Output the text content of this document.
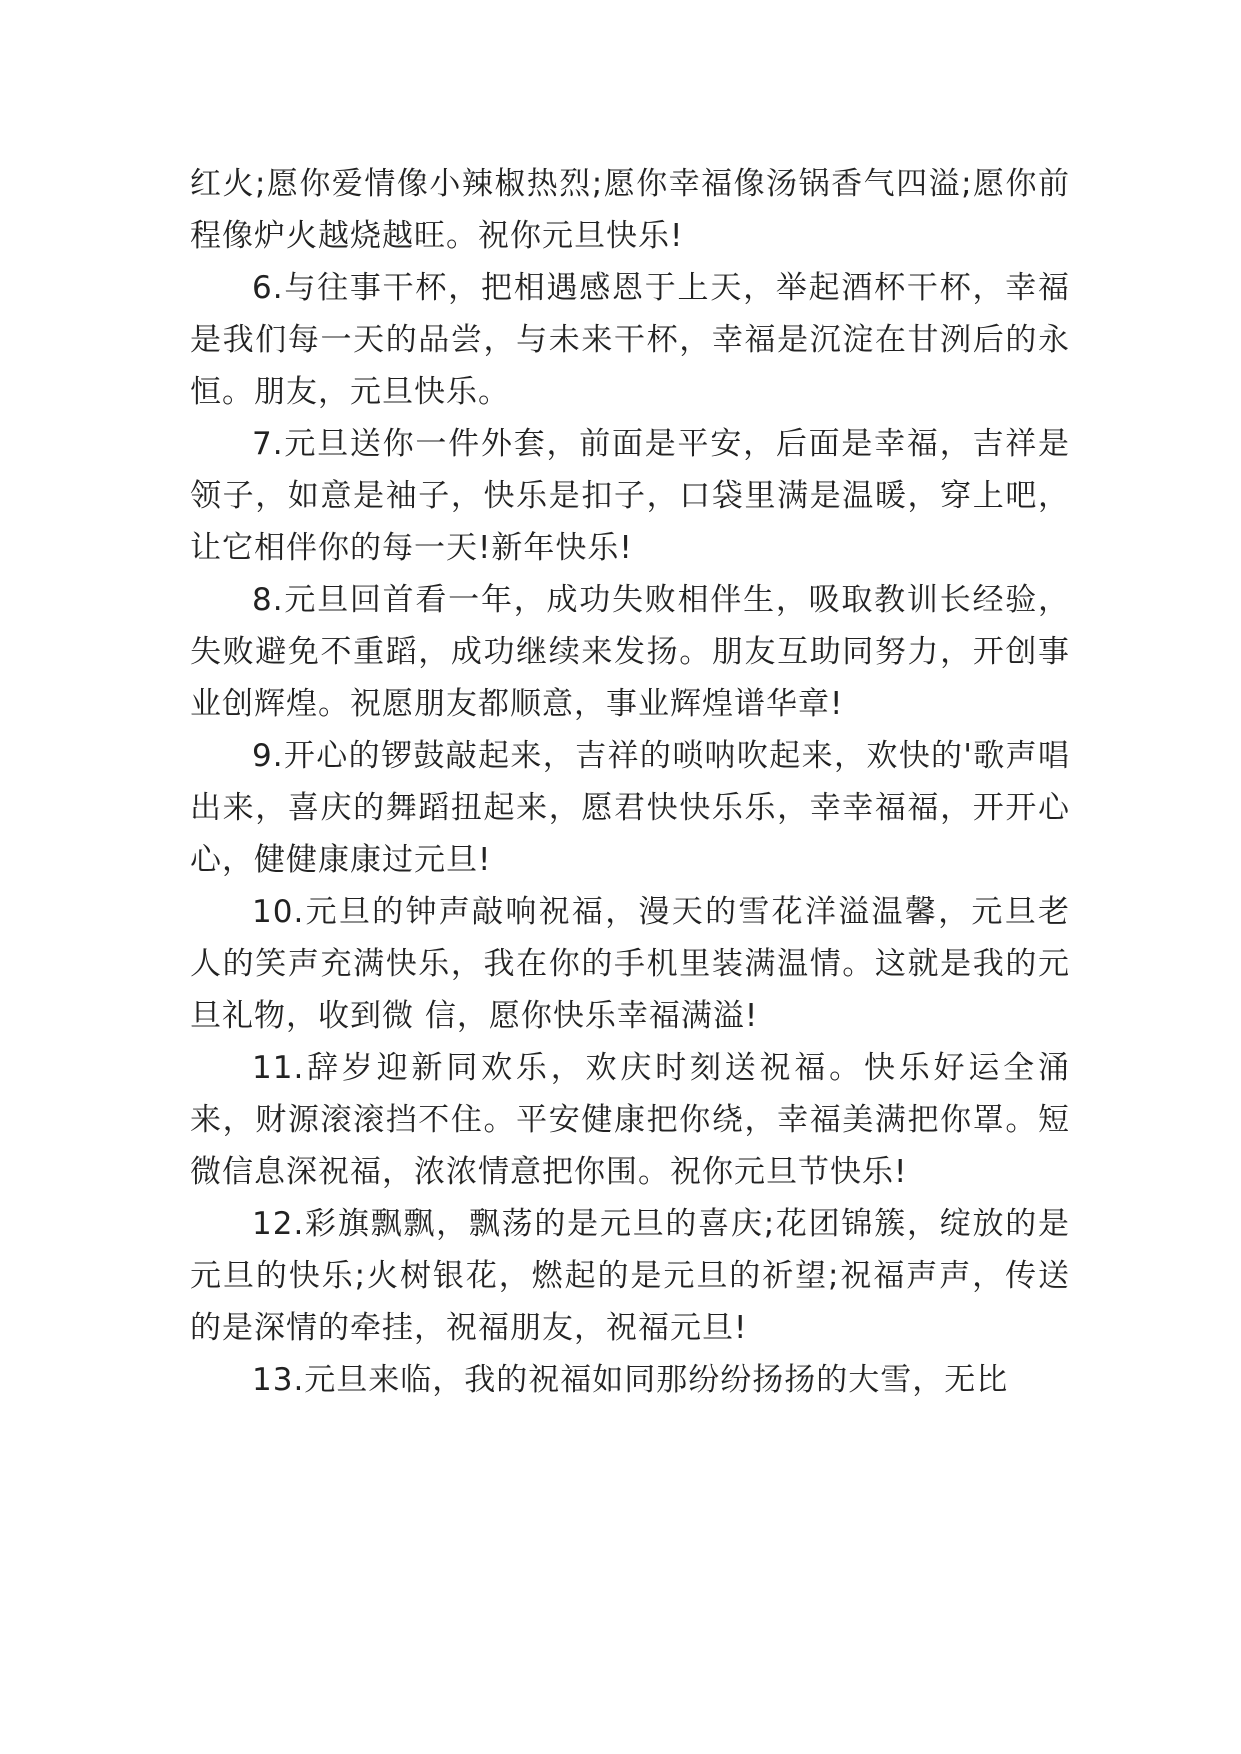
红火;愿你爱情像小辣椒热烈;愿你幸福像汤锅香气四溢;愿你前程像炉火越烧越旺。祝你元旦快乐!

6.与往事干杯，把相遇感恩于上天，举起酒杯干杯，幸福是我们每一天的品尝，与未来干杯，幸福是沉淀在甘洌后的永恒。朋友，元旦快乐。

7.元旦送你一件外套，前面是平安，后面是幸福，吉祥是领子，如意是袖子，快乐是扣子，口袋里满是温暖，穿上吧，让它相伴你的每一天!新年快乐!

8.元旦回首看一年，成功失败相伴生，吸取教训长经验，失败避免不重蹈，成功继续来发扬。朋友互助同努力，开创事业创辉煌。祝愿朋友都顺意，事业辉煌谱华章!

9.开心的锣鼓敲起来，吉祥的唢呐吹起来，欢快的'歌声唱出来，喜庆的舞蹈扭起来，愿君快快乐乐，幸幸福福，开开心心，健健康康过元旦!

10.元旦的钟声敲响祝福，漫天的雪花洋溢温馨，元旦老人的笑声充满快乐，我在你的手机里装满温情。这就是我的元旦礼物，收到微 信，愿你快乐幸福满溢!

11.辞岁迎新同欢乐，欢庆时刻送祝福。快乐好运全涌来，财源滚滚挡不住。平安健康把你绕，幸福美满把你罩。短微信息深祝福，浓浓情意把你围。祝你元旦节快乐!

12.彩旗飘飘，飘荡的是元旦的喜庆;花团锦簇，绽放的是元旦的快乐;火树银花，燃起的是元旦的祈望;祝福声声，传送的是深情的牵挂，祝福朋友，祝福元旦!

13.元旦来临，我的祝福如同那纷纷扬扬的大雪，无比
